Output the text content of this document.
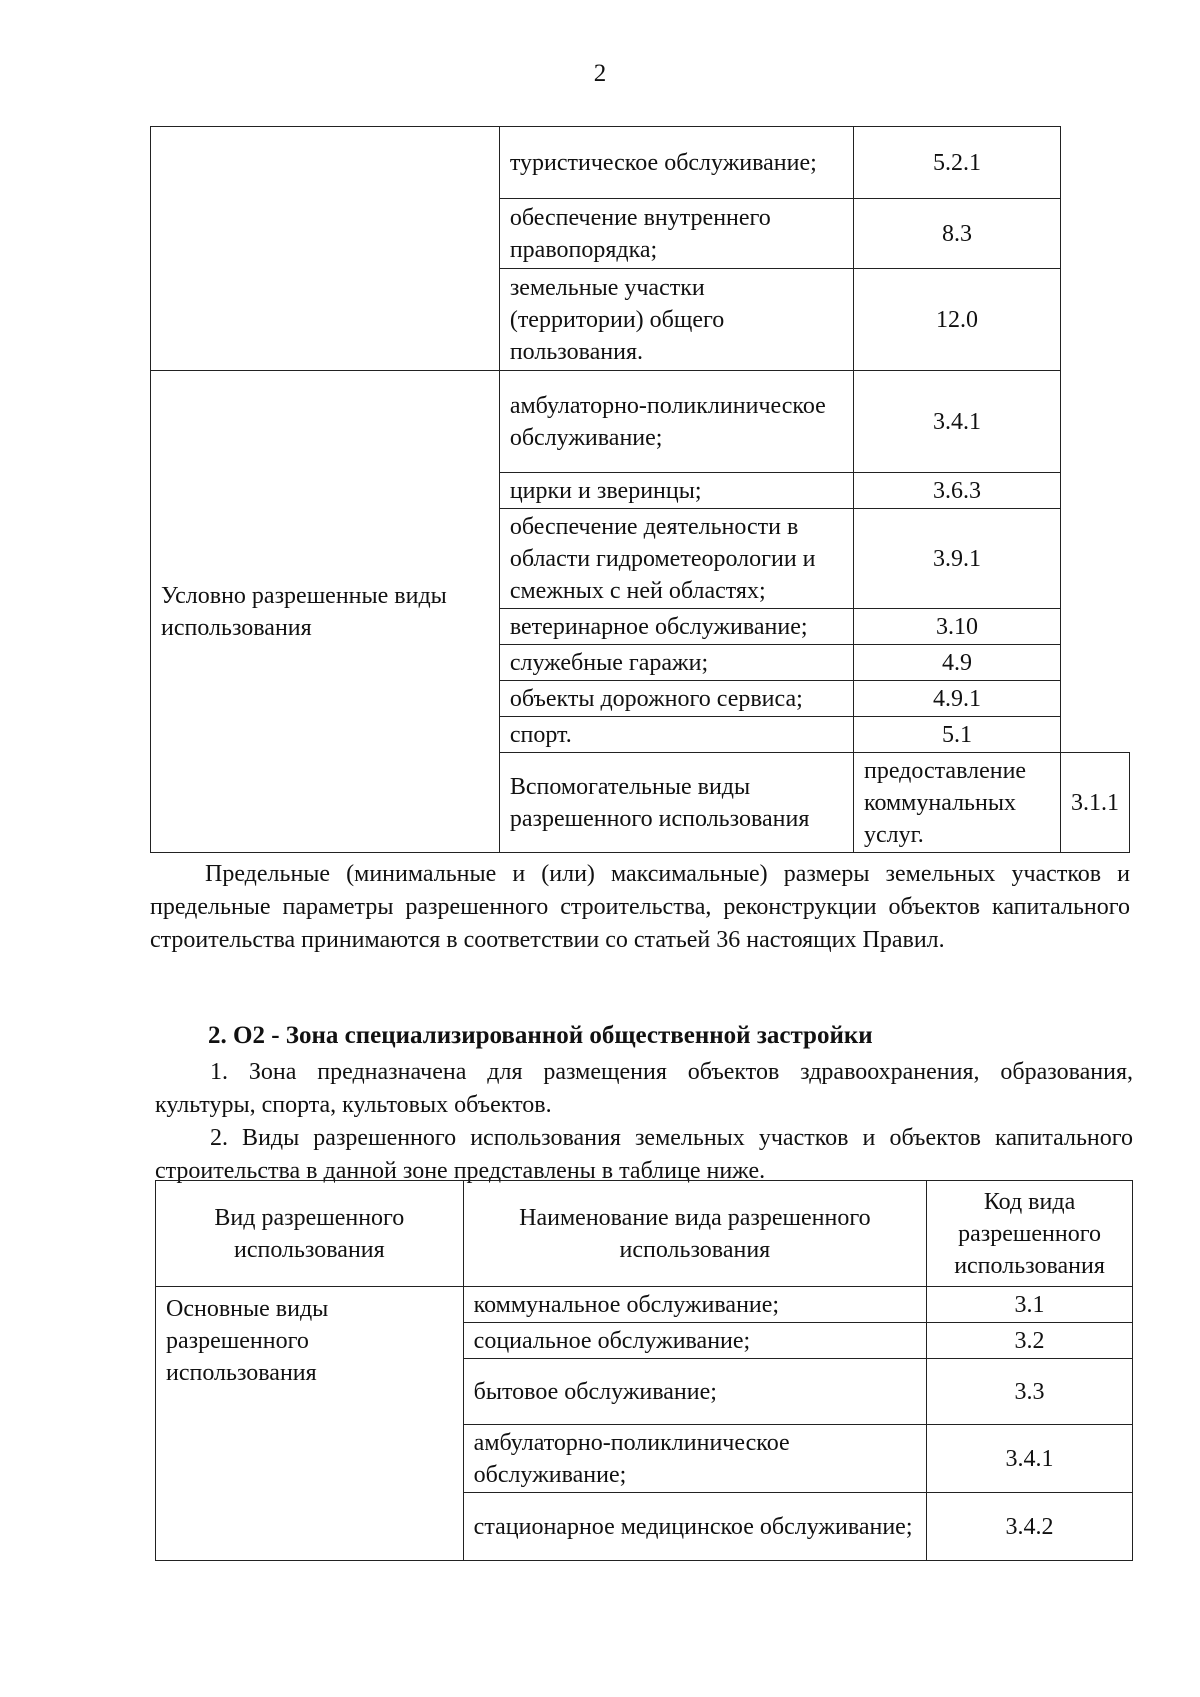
2
	туристическое обслуживание;	5.2.1	
	обеспечение внутреннего правопорядка;	8.3	
	земельные участки (территории) общего пользования.	12.0	
Условно разрешенные виды использования	амбулаторно-поликлиническое обслуживание;	3.4.1	
	цирки и зверинцы;	3.6.3	
	обеспечение деятельности в области гидрометеорологии и смежных с ней областях;	3.9.1	
	ветеринарное обслуживание;	3.10	
	служебные гаражи;	4.9	
	объекты дорожного сервиса;	4.9.1	
	спорт.	5.1	
	Вспомогательные виды разрешенного использования	предоставление коммунальных услуг.	3.1.1
Предельные (минимальные и (или) максимальные) размеры земельных участков и предельные параметры разрешенного строительства, реконструкции объектов капитального строительства принимаются в соответствии со статьей 36 настоящих Правил.
2. О2 - Зона специализированной общественной застройки
1. Зона предназначена для размещения объектов здравоохранения, образования, культуры, спорта, культовых объектов.
2. Виды разрешенного использования земельных участков и объектов капитального строительства в данной зоне представлены в таблице ниже.
Вид разрешенного использования	Наименование вида разрешенного использования	Код вида разрешенного использования
Основные виды разрешенного использования	коммунальное обслуживание;	3.1
	социальное обслуживание;	3.2
	бытовое обслуживание;	3.3
	амбулаторно-поликлиническое обслуживание;	3.4.1
	стационарное медицинское обслуживание;	3.4.2
